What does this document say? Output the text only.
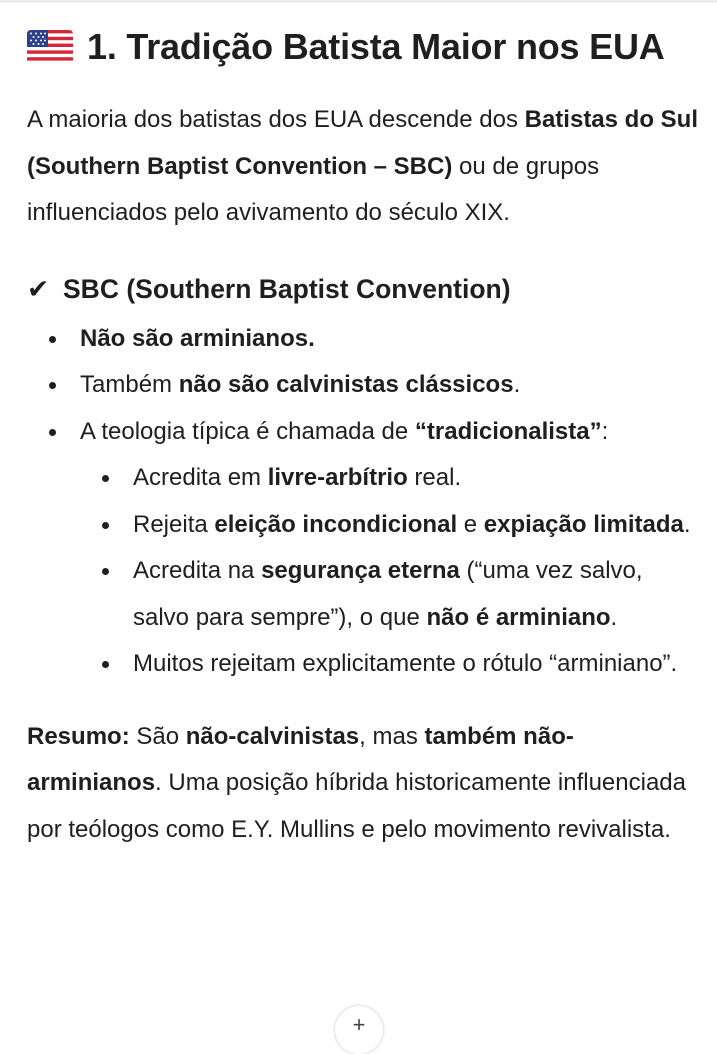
1. Tradição Batista Maior nos EUA

A maioria dos batistas dos EUA descende dos Batistas do Sul (Southern Baptist Convention – SBC) ou de grupos influenciados pelo avivamento do século XIX.

✔ SBC (Southern Baptist Convention)
Não são arminianos.
Também não são calvinistas clássicos.
A teologia típica é chamada de “tradicionalista”:
Acredita em livre-arbítrio real.
Rejeita eleição incondicional e expiação limitada.
Acredita na segurança eterna (“uma vez salvo, salvo para sempre”), o que não é arminiano.
Muitos rejeitam explicitamente o rótulo “arminiano”.

Resumo: São não-calvinistas, mas também não-arminianos. Uma posição híbrida historicamente influenciada por teólogos como E.Y. Mullins e pelo movimento revivalista.

+
